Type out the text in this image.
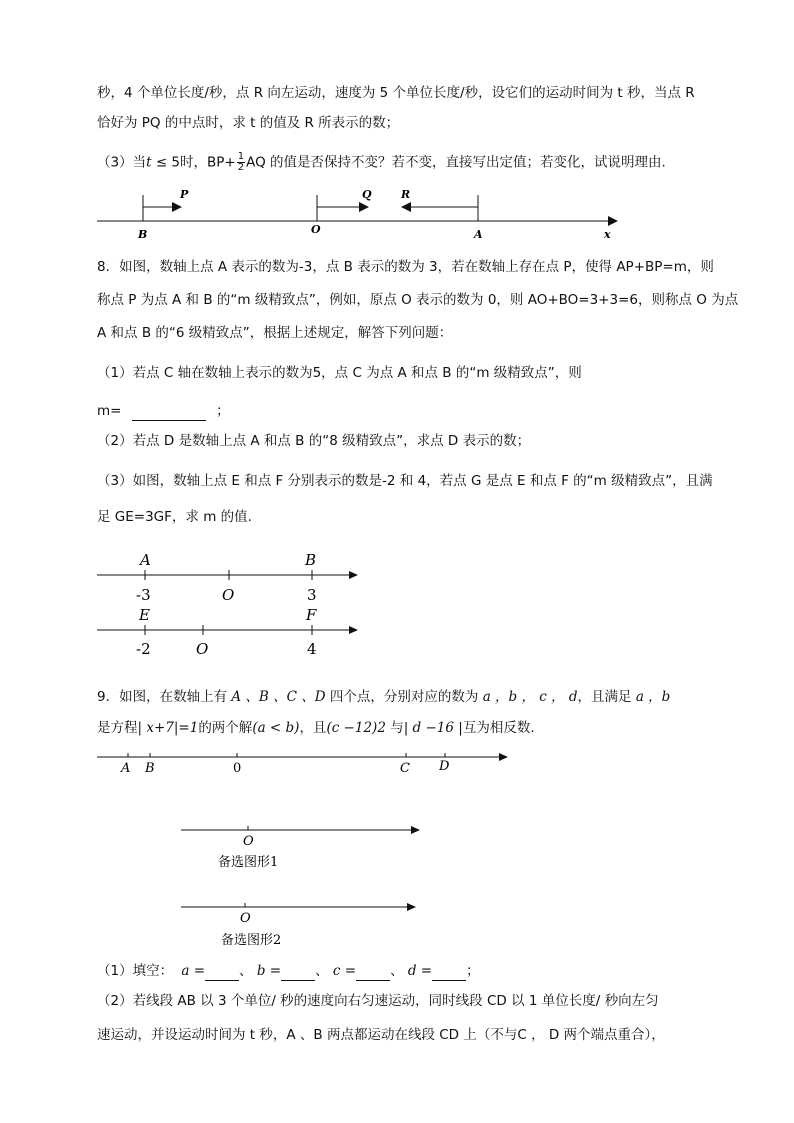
秒，4 个单位长度/秒，点 R 向左运动，速度为 5 个单位长度/秒，设它们的运动时间为 t 秒，当点 R
恰好为 PQ 的中点时，求 t 的值及 R 所表示的数；
（3）当t ≤ 5时，$BP+ \frac{1}{2}$ AQ 的值是否保持不变？若不变，直接写出定值；若变化，试说明理由.
P	Q	R
B	O	A	x
8．如图，数轴上点 A 表示的数为-3，点 B 表示的数为 3，若在数轴上存在点 P，使得 AP+BP=m，则
称点 P 为点 A 和 B 的“m 级精致点”，例如，原点 O 表示的数为 0，则 AO+BO=3+3=6，则称点 O 为点
A 和点 B 的“6 级精致点”，根据上述规定，解答下列问题：
（1）若点 C 轴在数轴上表示的数为5，点 C 为点 A 和点 B 的“m 级精致点”，则
m=	；
（2）若点 D 是数轴上点 A 和点 B 的“8 级精致点”，求点 D 表示的数；
（3）如图，数轴上点 E 和点 F 分别表示的数是-2 和 4，若点 G 是点 E 和点 F 的“m 级精致点”，且满
足 GE=3GF，求 m 的值.
A	B
-3	O	3
E	F
-2	O	4
9．如图，在数轴上有 A 、B 、C 、D 四个点，分别对应的数为 a ，b ， c ， d，且满足 a ，b
是方程| x+7|=1的两个解(a < b)，且(c −12)2 与| d −16 |互为相反数.
A B	0	C D
O
备选图形1
O
备选图形2
（1）填空： a =	、 b =	、 c =	、 d =	；
（2）若线段 AB 以 3 个单位/ 秒的速度向右匀速运动，同时线段 CD 以 1 单位长度/ 秒向左匀
速运动，并设运动时间为 t 秒，A 、B 两点都运动在线段 CD 上（不与C ， D 两个端点重合），
